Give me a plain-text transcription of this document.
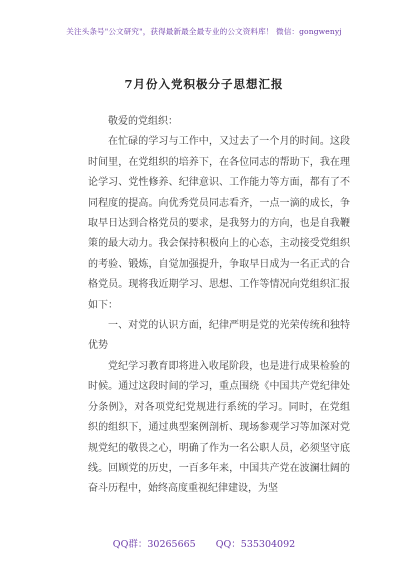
关注头条号"公文研究"，获得最新最全最专业的公文资料库！ 微信：gongwenyj
7月份入党积极分子思想汇报

敬爱的党组织：

在忙碌的学习与工作中，又过去了一个月的时间。这段时间里，在党组织的培养下，在各位同志的帮助下，我在理论学习、党性修养、纪律意识、工作能力等方面，都有了不同程度的提高。向优秀党员同志看齐，一点一滴的成长，争取早日达到合格党员的要求，是我努力的方向，也是自我鞭策的最大动力。我会保持积极向上的心态，主动接受党组织的考验、锻炼，自觉加强提升，争取早日成为一名正式的合格党员。现将我近期学习、思想、工作等情况向党组织汇报如下：

一、对党的认识方面，纪律严明是党的光荣传统和独特优势

党纪学习教育即将进入收尾阶段，也是进行成果检验的时候。通过这段时间的学习，重点围绕《中国共产党纪律处分条例》，对各项党纪党规进行系统的学习。同时，在党组织的组织下，通过典型案例剖析、现场参观学习等加深对党规党纪的敬畏之心，明确了作为一名公职人员，必须坚守底线。回顾党的历史，一百多年来，中国共产党在波澜壮阔的奋斗历程中，始终高度重视纪律建设，为坚

QQ群：30265665 QQ：535304092
